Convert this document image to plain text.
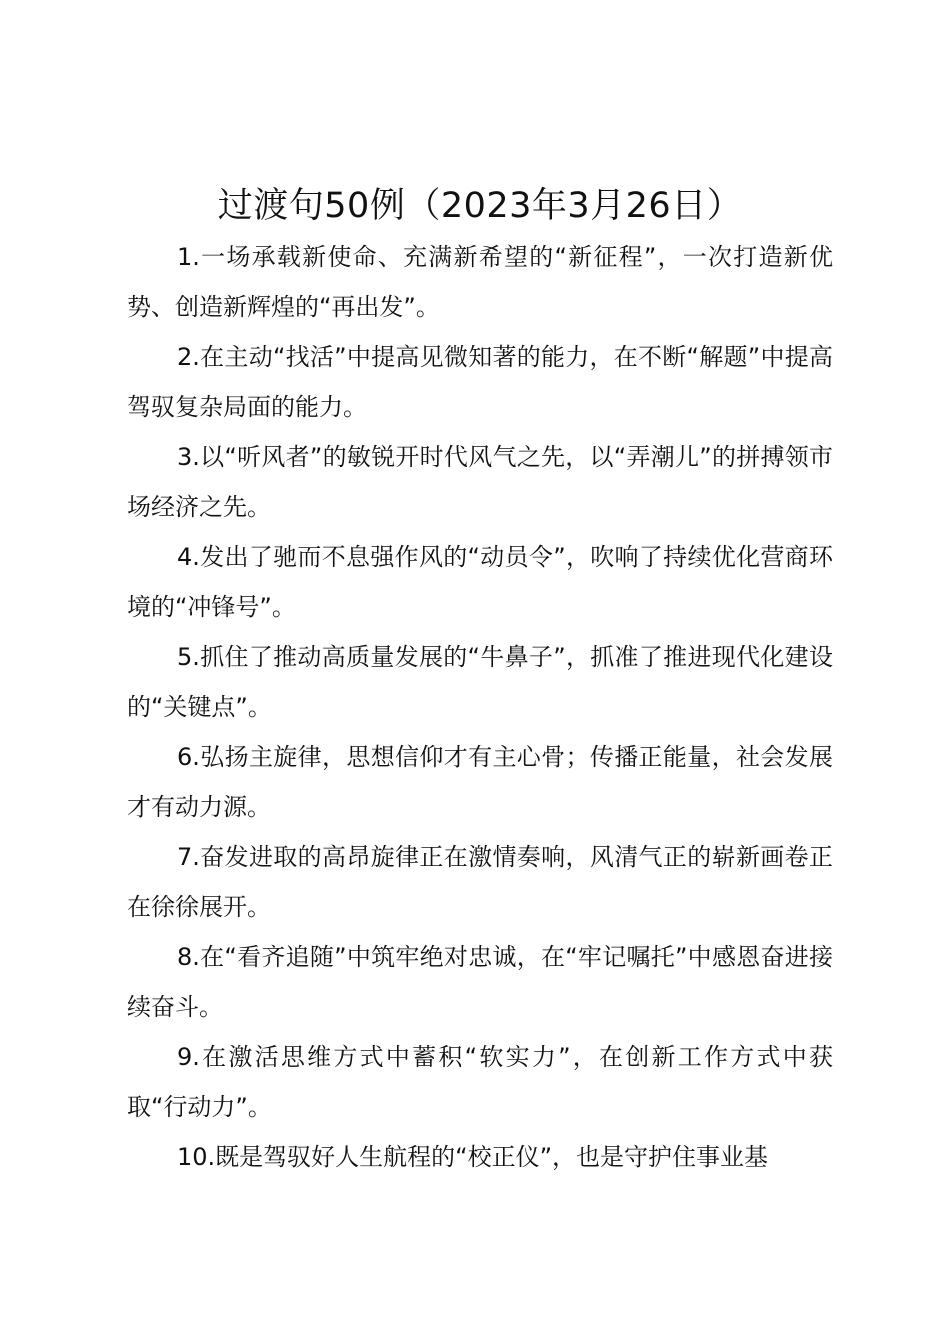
过渡句50例（2023年3月26日）

1.一场承载新使命、充满新希望的“新征程”，一次打造新优势、创造新辉煌的“再出发”。

2.在主动“找活”中提高见微知著的能力，在不断“解题”中提高驾驭复杂局面的能力。

3.以“听风者”的敏锐开时代风气之先，以“弄潮儿”的拼搏领市场经济之先。

4.发出了驰而不息强作风的“动员令”，吹响了持续优化营商环境的“冲锋号”。

5.抓住了推动高质量发展的“牛鼻子”，抓准了推进现代化建设的“关键点”。

6.弘扬主旋律，思想信仰才有主心骨；传播正能量，社会发展才有动力源。

7.奋发进取的高昂旋律正在激情奏响，风清气正的崭新画卷正在徐徐展开。

8.在“看齐追随”中筑牢绝对忠诚，在“牢记嘱托”中感恩奋进接续奋斗。

9.在激活思维方式中蓄积“软实力”，在创新工作方式中获取“行动力”。

10.既是驾驭好人生航程的“校正仪”，也是守护住事业基
